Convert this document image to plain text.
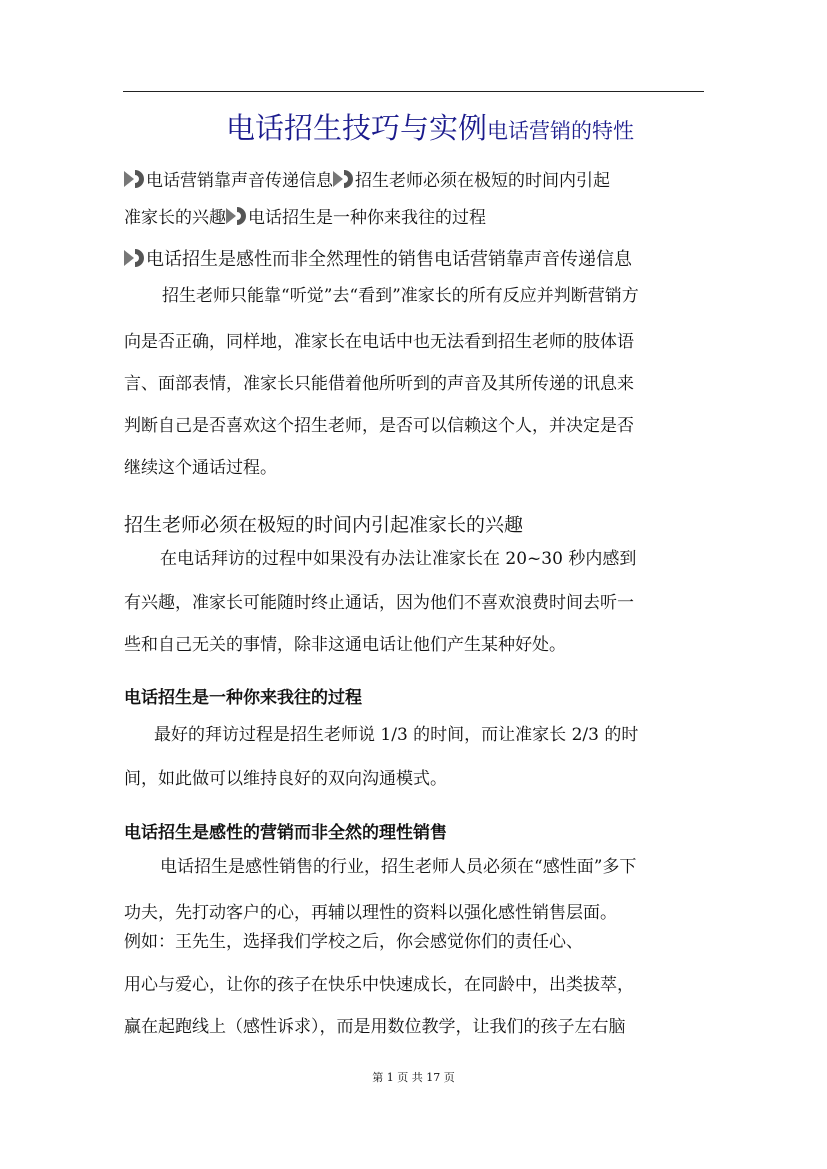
电话招生技巧与实例电话营销的特性
电话营销靠声音传递信息 招生老师必须在极短的时间内引起
准家长的兴趣 电话招生是一种你来我往的过程
电话招生是感性而非全然理性的销售电话营销靠声音传递信息
招生老师只能靠“听觉”去“看到”准家长的所有反应并判断营销方
向是否正确，同样地，准家长在电话中也无法看到招生老师的肢体语
言、面部表情，准家长只能借着他所听到的声音及其所传递的讯息来
判断自己是否喜欢这个招生老师，是否可以信赖这个人，并决定是否
继续这个通话过程。
招生老师必须在极短的时间内引起准家长的兴趣
在电话拜访的过程中如果没有办法让准家长在 20~30 秒内感到
有兴趣，准家长可能随时终止通话，因为他们不喜欢浪费时间去听一
些和自己无关的事情，除非这通电话让他们产生某种好处。
电话招生是一种你来我往的过程
最好的拜访过程是招生老师说 1/3 的时间，而让准家长 2/3 的时
间，如此做可以维持良好的双向沟通模式。
电话招生是感性的营销而非全然的理性销售
电话招生是感性销售的行业，招生老师人员必须在“感性面”多下
功夫，先打动客户的心，再辅以理性的资料以强化感性销售层面。
例如：王先生，选择我们学校之后，你会感觉你们的责任心、
用心与爱心，让你的孩子在快乐中快速成长，在同龄中，出类拔萃，
赢在起跑线上（感性诉求），而是用数位教学，让我们的孩子左右脑
第 1 页 共 17 页
